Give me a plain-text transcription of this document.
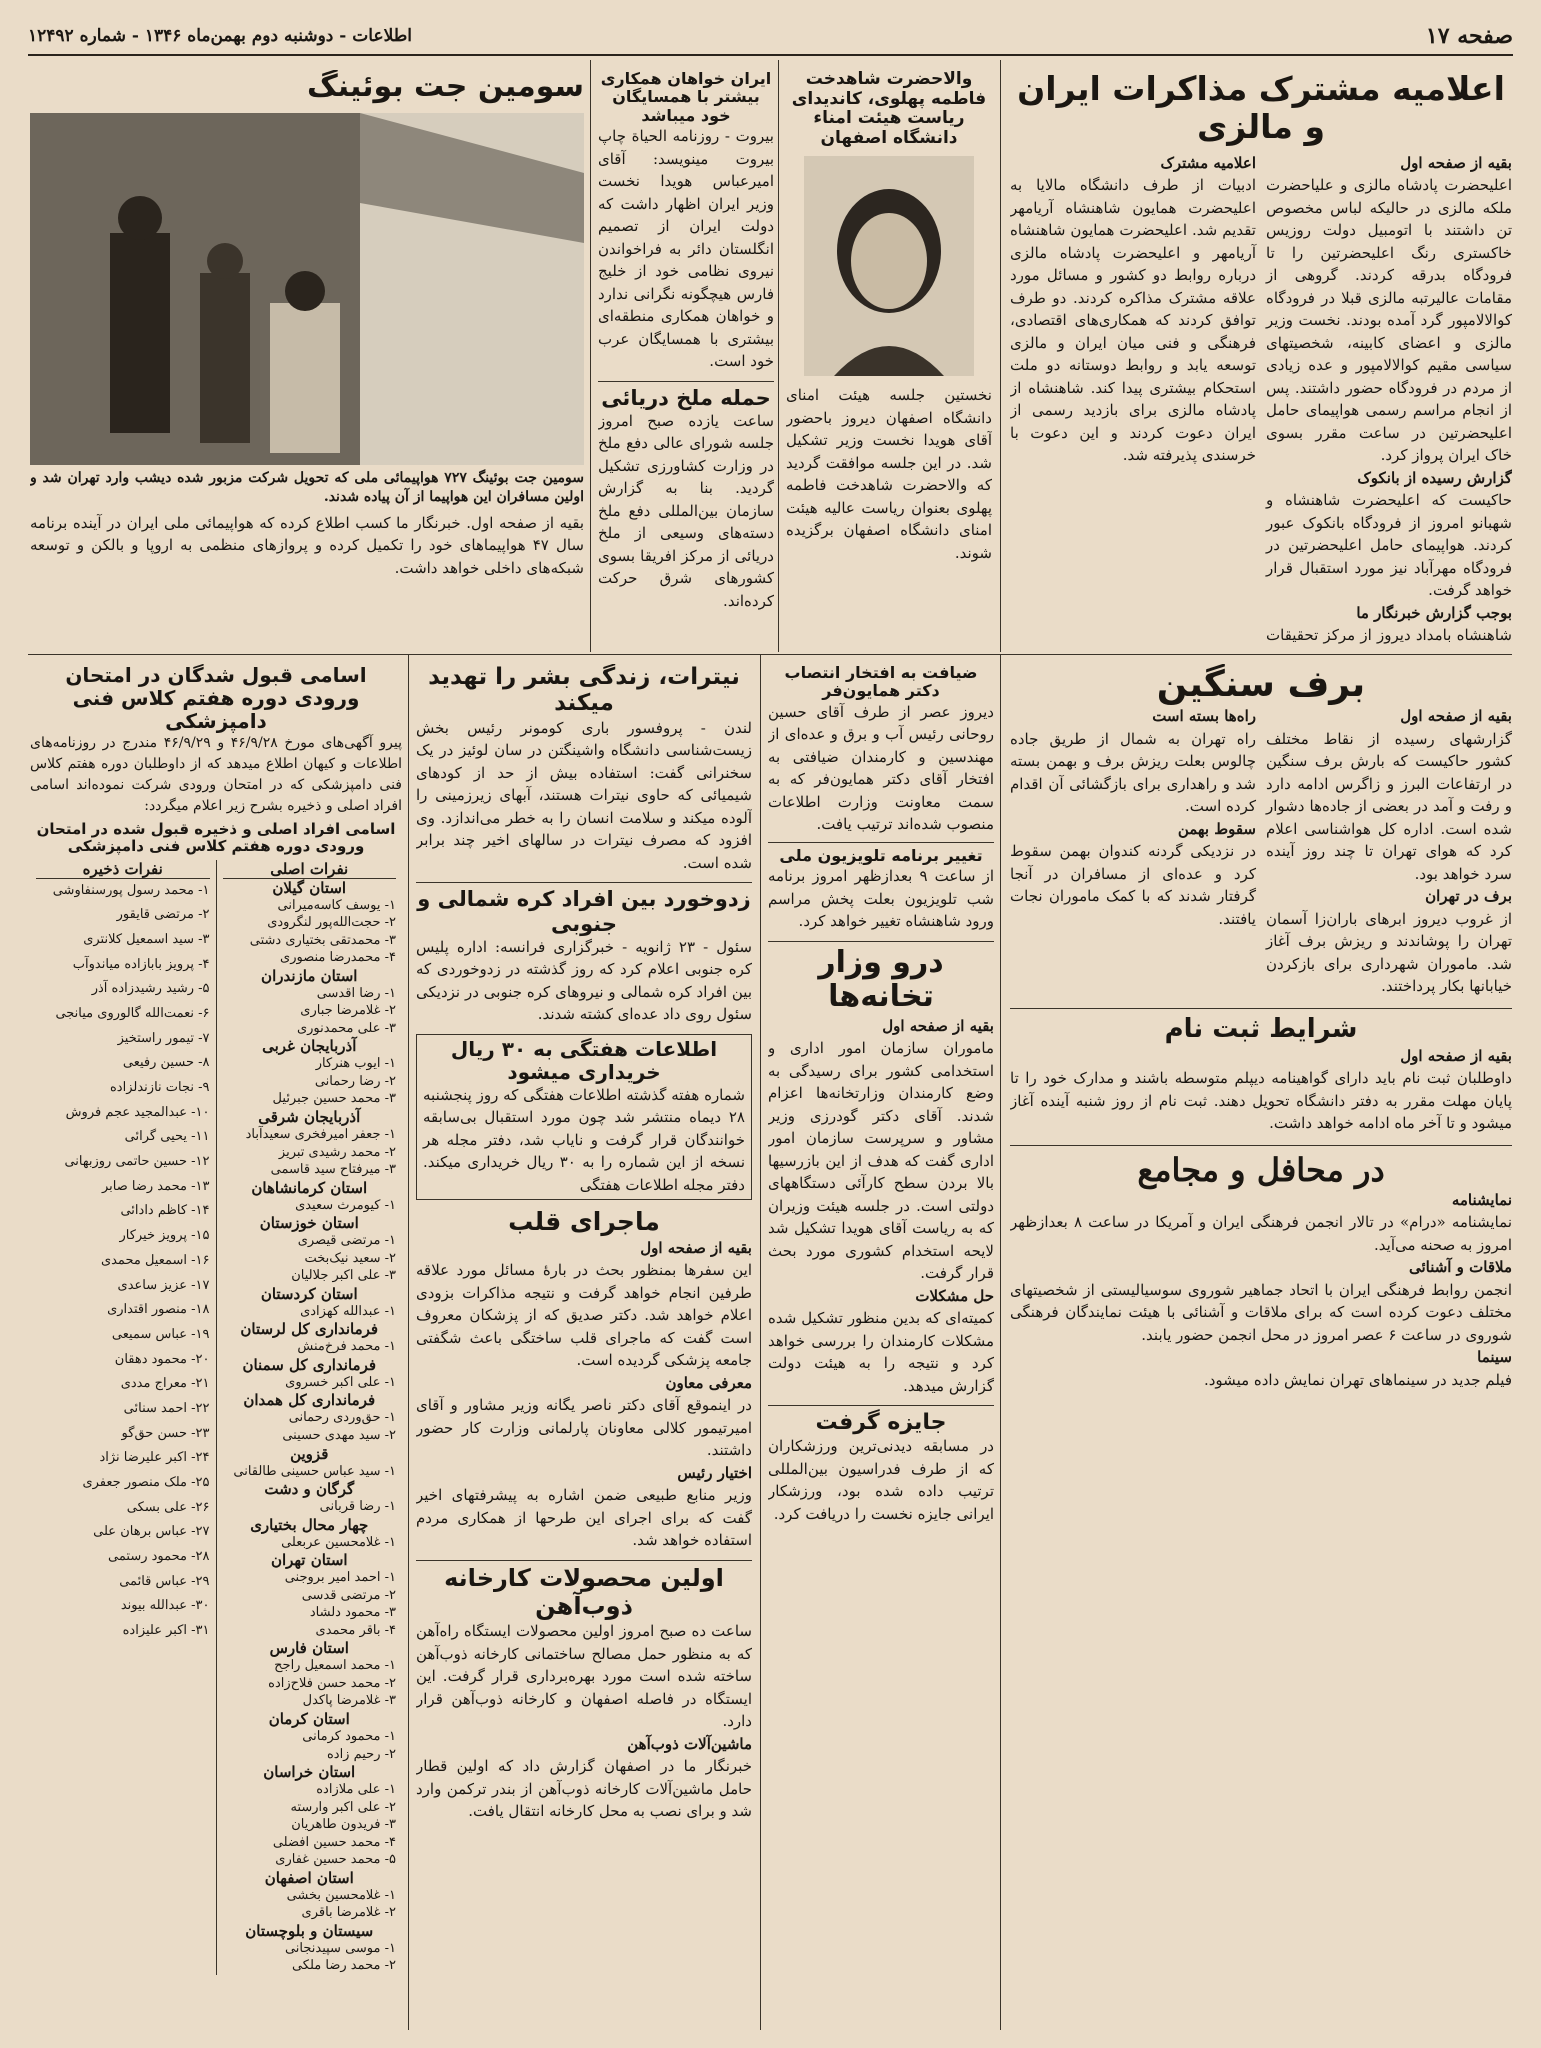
صفحه ۱۷
اطلاعات - دوشنبه دوم بهمن‌ماه ۱۳۴۶ - شماره ۱۲۴۹۲
اعلامیه مشترک مذاکرات ایران و مالزی
بقیه از صفحه اول
اعلیحضرت پادشاه مالزی و علیاحضرت ملکه مالزی در حالیکه لباس مخصوص تن داشتند با اتومبیل دولت روزیس خاکستری رنگ اعلیحضرتین را تا فرودگاه بدرقه کردند. گروهی از مقامات عالیرتبه مالزی قبلا در فرودگاه کوالالامپور گرد آمده بودند. نخست وزیر مالزی و اعضای کابینه، شخصیتهای سیاسی مقیم کوالالامپور و عده زیادی از مردم در فرودگاه حضور داشتند. پس از انجام مراسم رسمی هواپیمای حامل اعلیحضرتین در ساعت مقرر بسوی خاک ایران پرواز کرد.
گزارش رسیده از بانکوک
حاکیست که اعلیحضرت شاهنشاه و شهبانو امروز از فرودگاه بانکوک عبور کردند. هواپیمای حامل اعلیحضرتین در فرودگاه مهرآباد نیز مورد استقبال قرار خواهد گرفت.
بوجب گزارش خبرنگار ما
شاهنشاه بامداد دیروز از مرکز تحقیقات
اعلامیه مشترک
ادبیات از طرف دانشگاه مالایا به اعلیحضرت همایون شاهنشاه آریامهر تقدیم شد. اعلیحضرت همایون شاهنشاه آریامهر و اعلیحضرت پادشاه مالزی درباره روابط دو کشور و مسائل مورد علاقه مشترک مذاکره کردند. دو طرف توافق کردند که همکاری‌های اقتصادی، فرهنگی و فنی میان ایران و مالزی توسعه یابد و روابط دوستانه دو ملت استحکام بیشتری پیدا کند. شاهنشاه از پادشاه مالزی برای بازدید رسمی از ایران دعوت کردند و این دعوت با خرسندی پذیرفته شد.
والاحضرت شاهدخت فاطمه پهلوی، کاندیدای ریاست هیئت امناء دانشگاه اصفهان
نخستین جلسه هیئت امنای دانشگاه اصفهان دیروز باحضور آقای هویدا نخست وزیر تشکیل شد. در این جلسه موافقت گردید که والاحضرت شاهدخت فاطمه پهلوی بعنوان ریاست عالیه هیئت امنای دانشگاه اصفهان برگزیده شوند.
ایران خواهان همکاری بیشتر با همسایگان خود میباشد
بیروت - روزنامه الحیاة چاپ بیروت مینویسد: آقای امیرعباس هویدا نخست وزیر ایران اظهار داشت که دولت ایران از تصمیم انگلستان دائر به فراخواندن نیروی نظامی خود از خلیج فارس هیچگونه نگرانی ندارد و خواهان همکاری منطقه‌ای بیشتری با همسایگان عرب خود است.
حمله ملخ دریائی
ساعت یازده صبح امروز جلسه شورای عالی دفع ملخ در وزارت کشاورزی تشکیل گردید. بنا به گزارش سازمان بین‌المللی دفع ملخ دسته‌های وسیعی از ملخ دریائی از مرکز افریقا بسوی کشورهای شرق حرکت کرده‌اند.
سومین جت بوئینگ
سومین جت بوئینگ ۷۲۷ هواپیمائی ملی که تحویل شرکت مزبور شده دیشب وارد تهران شد و اولین مسافران این هواپیما از آن پیاده شدند.
بقیه از صفحه اول. خبرنگار ما کسب اطلاع کرده که هواپیمائی ملی ایران در آینده برنامه سال ۴۷ هواپیماهای خود را تکمیل کرده و پروازهای منظمی به اروپا و بالکن و توسعه شبکه‌های داخلی خواهد داشت.
برف سنگین
بقیه از صفحه اول
گزارشهای رسیده از نقاط مختلف کشور حاکیست که بارش برف سنگین در ارتفاعات البرز و زاگرس ادامه دارد و رفت و آمد در بعضی از جاده‌ها دشوار شده است. اداره کل هواشناسی اعلام کرد که هوای تهران تا چند روز آینده سرد خواهد بود.
برف در تهران
از غروب دیروز ابرهای باران‌زا آسمان تهران را پوشاندند و ریزش برف آغاز شد. ماموران شهرداری برای بازکردن خیابانها بکار پرداختند.
راه‌ها بسته است
راه تهران به شمال از طریق جاده چالوس بعلت ریزش برف و بهمن بسته شد و راهداری برای بازگشائی آن اقدام کرده است.
سقوط بهمن
در نزدیکی گردنه کندوان بهمن سقوط کرد و عده‌ای از مسافران در آنجا گرفتار شدند که با کمک ماموران نجات یافتند.
شرایط ثبت نام
بقیه از صفحه اول
داوطلبان ثبت نام باید دارای گواهینامه دیپلم متوسطه باشند و مدارک خود را تا پایان مهلت مقرر به دفتر دانشگاه تحویل دهند. ثبت نام از روز شنبه آینده آغاز میشود و تا آخر ماه ادامه خواهد داشت.
در محافل و مجامع
نمایشنامه
نمایشنامه «درام» در تالار انجمن فرهنگی ایران و آمریکا در ساعت ۸ بعدازظهر امروز به صحنه می‌آید.
ملاقات و آشنائی
انجمن روابط فرهنگی ایران با اتحاد جماهیر شوروی سوسیالیستی از شخصیتهای مختلف دعوت کرده است که برای ملاقات و آشنائی با هیئت نمایندگان فرهنگی شوروی در ساعت ۶ عصر امروز در محل انجمن حضور یابند.
سینما
فیلم جدید در سینماهای تهران نمایش داده میشود.
ضیافت به افتخار انتصاب دکتر همایون‌فر
دیروز عصر از طرف آقای حسین روحانی رئیس آب و برق و عده‌ای از مهندسین و کارمندان ضیافتی به افتخار آقای دکتر همایون‌فر که به سمت معاونت وزارت اطلاعات منصوب شده‌اند ترتیب یافت.
تغییر برنامه تلویزیون ملی
از ساعت ۹ بعدازظهر امروز برنامه شب تلویزیون بعلت پخش مراسم ورود شاهنشاه تغییر خواهد کرد.
درو وزار تخانه‌ها
بقیه از صفحه اول
ماموران سازمان امور اداری و استخدامی کشور برای رسیدگی به وضع کارمندان وزارتخانه‌ها اعزام شدند. آقای دکتر گودرزی وزیر مشاور و سرپرست سازمان امور اداری گفت که هدف از این بازرسیها بالا بردن سطح کارآئی دستگاههای دولتی است. در جلسه هیئت وزیران که به ریاست آقای هویدا تشکیل شد لایحه استخدام کشوری مورد بحث قرار گرفت.
حل مشکلات
کمیته‌ای که بدین منظور تشکیل شده مشکلات کارمندان را بررسی خواهد کرد و نتیجه را به هیئت دولت گزارش میدهد.
جایزه گرفت
در مسابقه دیدنی‌ترین ورزشکاران که از طرف فدراسیون بین‌المللی ترتیب داده شده بود، ورزشکار ایرانی جایزه نخست را دریافت کرد.
نیترات، زندگی بشر را تهدید میکند
لندن - پروفسور باری کومونر رئیس بخش زیست‌شناسی دانشگاه واشینگتن در سان لوئیز در یک سخنرانی گفت: استفاده بیش از حد از کودهای شیمیائی که حاوی نیترات هستند، آبهای زیرزمینی را آلوده میکند و سلامت انسان را به خطر می‌اندازد. وی افزود که مصرف نیترات در سالهای اخیر چند برابر شده است.
زدوخورد بین افراد کره شمالی و جنوبی
سئول - ۲۳ ژانویه - خبرگزاری فرانسه: اداره پلیس کره جنوبی اعلام کرد که روز گذشته در زدوخوردی که بین افراد کره شمالی و نیروهای کره جنوبی در نزدیکی سئول روی داد عده‌ای کشته شدند.
اطلاعات هفتگی به ۳۰ ریال خریداری میشود
شماره هفته گذشته اطلاعات هفتگی که روز پنجشنبه ۲۸ دیماه منتشر شد چون مورد استقبال بی‌سابقه خوانندگان قرار گرفت و نایاب شد، دفتر مجله هر نسخه از این شماره را به ۳۰ ریال خریداری میکند. دفتر مجله اطلاعات هفتگی
ماجرای قلب
بقیه از صفحه اول
این سفرها بمنظور بحث در بارهٔ مسائل مورد علاقه طرفین انجام خواهد گرفت و نتیجه مذاکرات بزودی اعلام خواهد شد. دکتر صدیق که از پزشکان معروف است گفت که ماجرای قلب ساختگی باعث شگفتی جامعه پزشکی گردیده است.
معرفی معاون
در اینموقع آقای دکتر ناصر یگانه وزیر مشاور و آقای امیرتیمور کلالی معاونان پارلمانی وزارت کار حضور داشتند.
اختیار رئیس
وزیر منابع طبیعی ضمن اشاره به پیشرفتهای اخیر گفت که برای اجرای این طرحها از همکاری مردم استفاده خواهد شد.
اولین محصولات کارخانه ذوب‌آهن
ساعت ده صبح امروز اولین محصولات ایستگاه راه‌آهن که به منظور حمل مصالح ساختمانی کارخانه ذوب‌آهن ساخته شده است مورد بهره‌برداری قرار گرفت. این ایستگاه در فاصله اصفهان و کارخانه ذوب‌آهن قرار دارد.
ماشین‌آلات ذوب‌آهن
خبرنگار ما در اصفهان گزارش داد که اولین قطار حامل ماشین‌آلات کارخانه ذوب‌آهن از بندر ترکمن وارد شد و برای نصب به محل کارخانه انتقال یافت.
اسامی قبول شدگان در امتحان ورودی دوره هفتم کلاس فنی دامپزشکی
پیرو آگهی‌های مورخ ۴۶/۹/۲۸ و ۴۶/۹/۲۹ مندرج در روزنامه‌های اطلاعات و کیهان اطلاع میدهد که از داوطلبان دوره هفتم کلاس فنی دامپزشکی که در امتحان ورودی شرکت نموده‌اند اسامی افراد اصلی و ذخیره بشرح زیر اعلام میگردد:
اسامی افراد اصلی و ذخیره قبول شده در امتحان ورودی دوره هفتم کلاس فنی دامپزشکی
نفرات اصلی
استان گیلان
۱- یوسف کاسه‌میرانی
۲- حجت‌الله‌پور لنگرودی
۳- محمدتقی بختیاری دشتی
۴- محمدرضا منصوری
استان مازندران
۱- رضا اقدسی
۲- غلامرضا جباری
۳- علی محمدنوری
آذربایجان غربی
۱- ایوب هنرکار
۲- رضا رحمانی
۳- محمد حسین جبرئیل
آذربایجان شرقی
۱- جعفر امیرفخری سعیدآباد
۲- محمد رشیدی تبریز
۳- میرفتاح سید قاسمی
استان کرمانشاهان
۱- کیومرث سعیدی
استان خوزستان
۱- مرتضی قیصری
۲- سعید نیک‌بخت
۳- علی اکبر جلالیان
استان کردستان
۱- عبدالله کهزادی
فرمانداری کل لرستان
۱- محمد فرخ‌منش
فرمانداری کل سمنان
۱- علی اکبر خسروی
فرمانداری کل همدان
۱- حق‌وردی رحمانی
۲- سید مهدی حسینی
قزوین
۱- سید عباس حسینی طالقانی
گرگان و دشت
۱- رضا قربانی
چهار محال بختیاری
۱- غلامحسین عربعلی
استان تهران
۱- احمد امیر بروجنی
۲- مرتضی قدسی
۳- محمود دلشاد
۴- باقر محمدی
استان فارس
۱- محمد اسمعیل راجح
۲- محمد حسن فلاح‌زاده
۳- غلامرضا پاکدل
استان کرمان
۱- محمود کرمانی
۲- رحیم زاده
استان خراسان
۱- علی ملازاده
۲- علی اکبر وارسته
۳- فریدون طاهریان
۴- محمد حسین افضلی
۵- محمد حسین غفاری
استان اصفهان
۱- غلامحسین بخشی
۲- غلامرضا باقری
سیستان و بلوچستان
۱- موسی سپیدنجانی
۲- محمد رضا ملکی

نفرات ذخیره
۱- محمد رسول پورسنفاوشی
۲- مرتضی قایقور
۳- سید اسمعیل کلانتری
۴- پرویز بابازاده میاندوآب
۵- رشید رشیدزاده آذر
۶- نعمت‌الله گالوروی میانجی
۷- تیمور راستخیز
۸- حسین رفیعی
۹- نجات نازندلزاده
۱۰- عبدالمجید عجم فروش
۱۱- یحیی گرائی
۱۲- حسین حاتمی روزبهانی
۱۳- محمد رضا صابر
۱۴- کاظم دادائی
۱۵- پرویز خیرکار
۱۶- اسمعیل محمدی
۱۷- عزیز ساعدی
۱۸- منصور اقتداری
۱۹- عباس سمیعی
۲۰- محمود دهقان
۲۱- معراج مددی
۲۲- احمد سنائی
۲۳- حسن حق‌گو
۲۴- اکبر علیرضا نژاد
۲۵- ملک منصور جعفری
۲۶- علی بسکی
۲۷- عباس برهان علی
۲۸- محمود رستمی
۲۹- عباس قائمی
۳۰- عبدالله بیوند
۳۱- اکبر علیزاده
